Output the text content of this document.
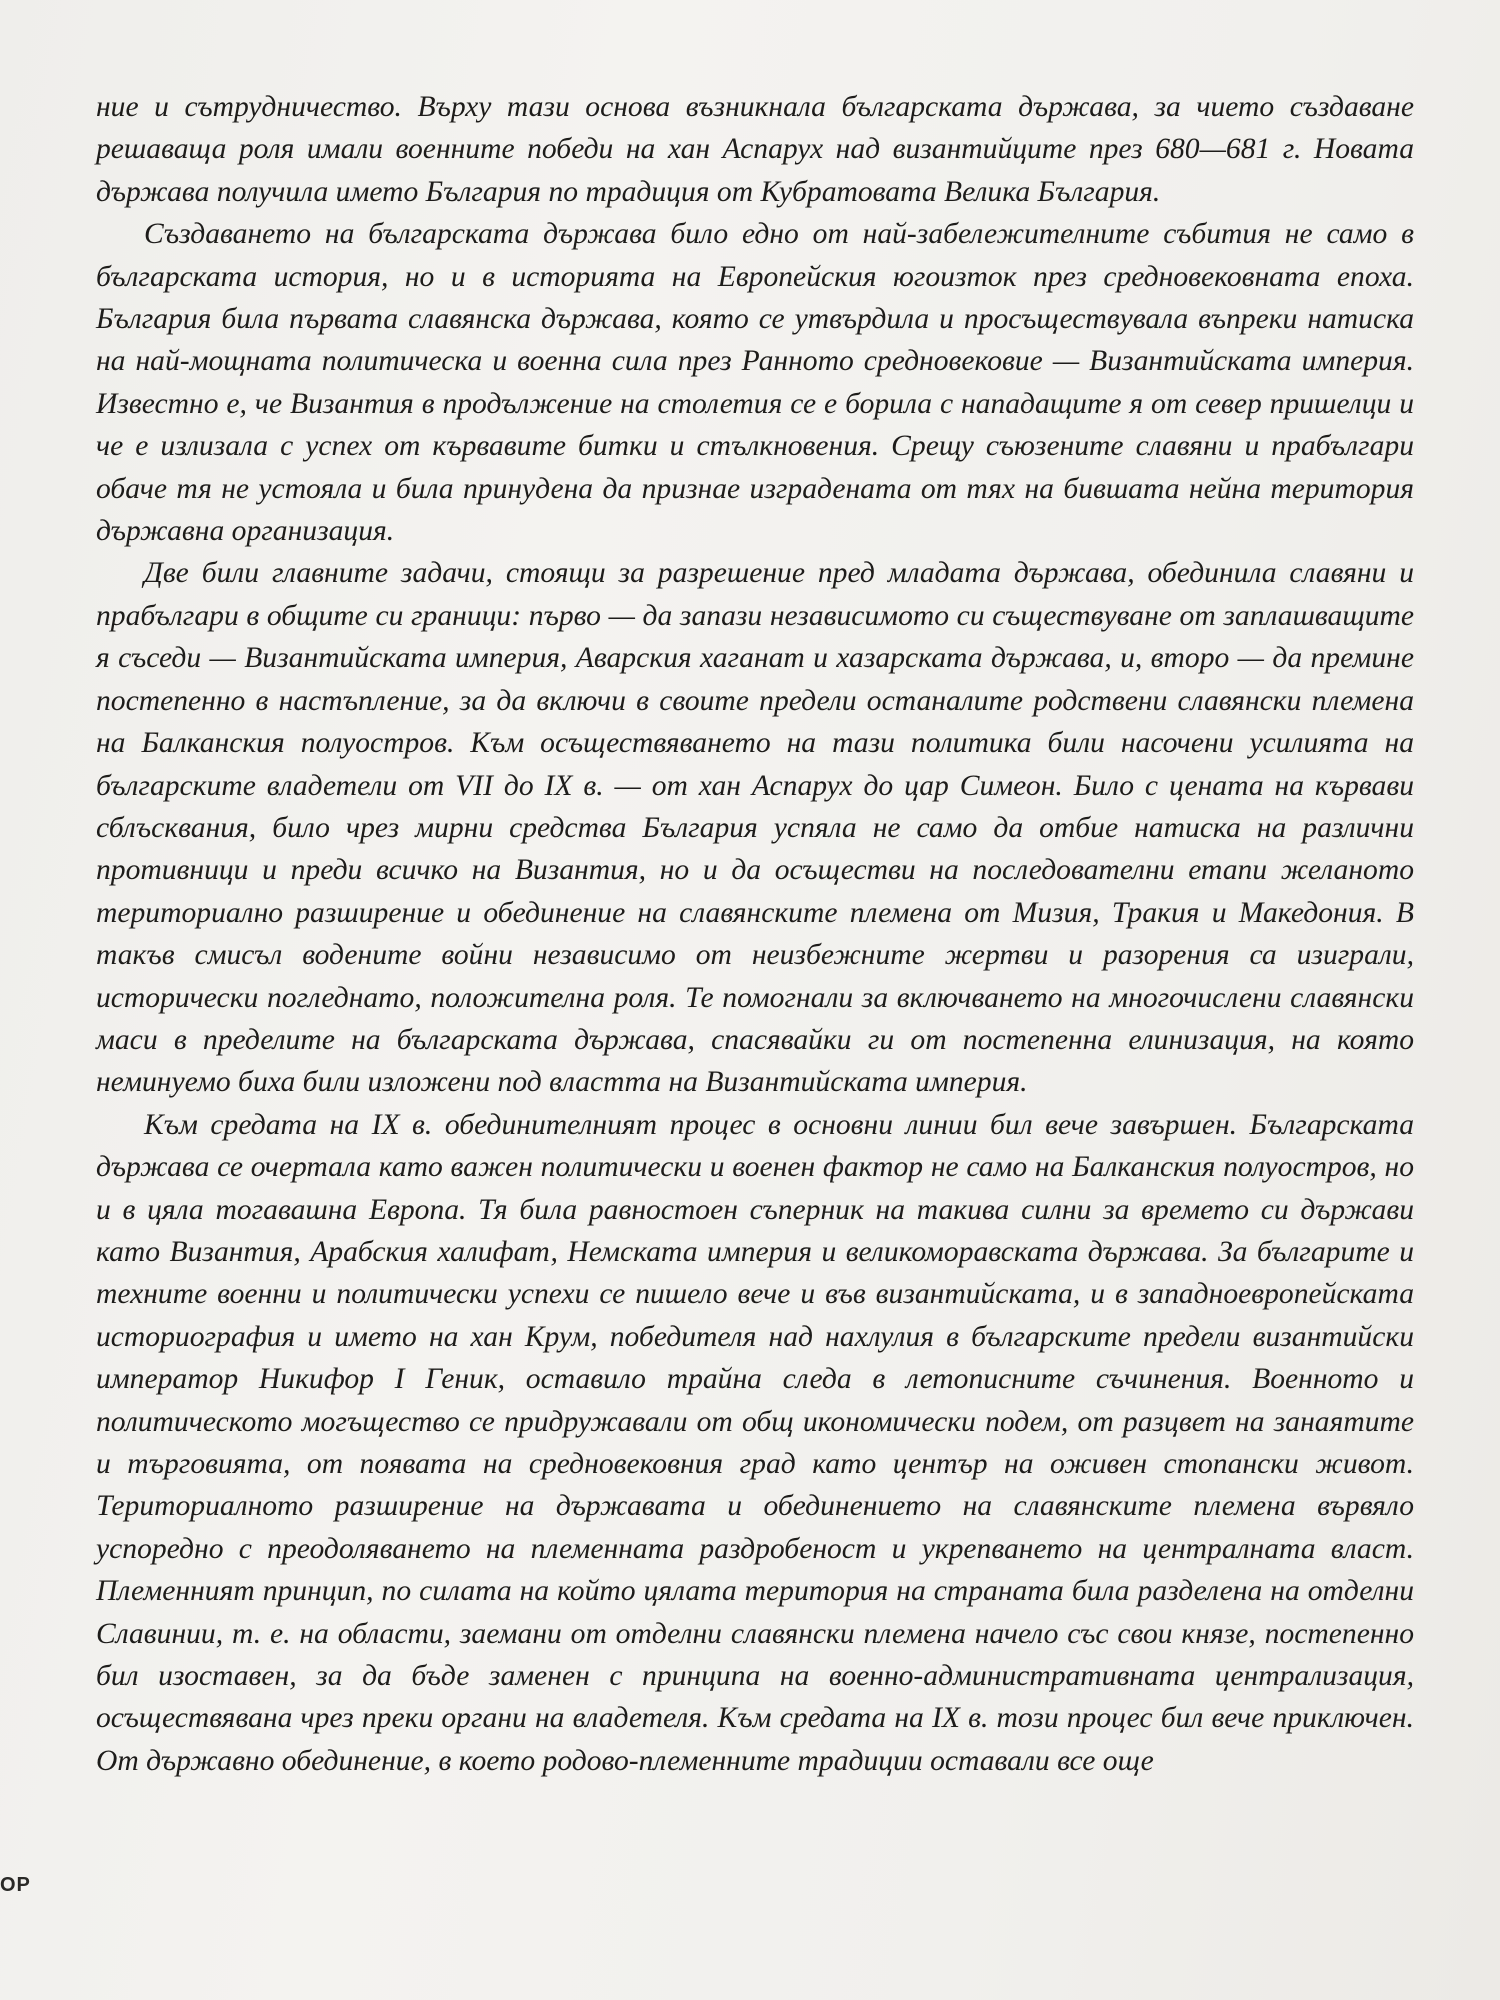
ние и сътрудничество. Върху тази основа възникнала българската държава, за чието създаване решаваща роля имали военните победи на хан Аспарух над византийците през 680—681 г. Новата държава получила името България по традиция от Кубратовата Велика България.

Създаването на българската държава било едно от най-забележителните събития не само в българската история, но и в историята на Европейския югоизток през средновековната епоха. България била първата славянска държава, която се утвърдила и просъществувала въпреки натиска на най-мощната политическа и военна сила през Ранното средновековие — Византийската империя. Известно е, че Византия в продължение на столетия се е борила с нападащите я от север пришелци и че е излизала с успех от кървавите битки и стълкновения. Срещу съюзените славяни и прабългари обаче тя не устояла и била принудена да признае изградената от тях на бившата нейна територия държавна организация.

Две били главните задачи, стоящи за разрешение пред младата държава, обединила славяни и прабългари в общите си граници: първо — да запази независимото си съществуване от заплашващите я съседи — Византийската империя, Аварския хаганат и хазарската държава, и, второ — да премине постепенно в настъпление, за да включи в своите предели останалите родствени славянски племена на Балканския полуостров. Към осъществяването на тази политика били насочени усилията на българските владетели от VII до IX в. — от хан Аспарух до цар Симеон. Било с цената на кървави сблъсквания, било чрез мирни средства България успяла не само да отбие натиска на различни противници и преди всичко на Византия, но и да осъществи на последователни етапи желаното териториално разширение и обединение на славянските племена от Мизия, Тракия и Македония. В такъв смисъл водените войни независимо от неизбежните жертви и разорения са изиграли, исторически погледнато, положителна роля. Те помогнали за включването на многочислени славянски маси в пределите на българската държава, спасявайки ги от постепенна елинизация, на която неминуемо биха били изложени под властта на Византийската империя.

Към средата на IX в. обединителният процес в основни линии бил вече завършен. Българската държава се очертала като важен политически и военен фактор не само на Балканския полуостров, но и в цяла тогавашна Европа. Тя била равностоен съперник на такива силни за времето си държави като Византия, Арабския халифат, Немската империя и великоморавската държава. За българите и техните военни и политически успехи се пишело вече и във византийската, и в западноевропейската историография и името на хан Крум, победителя над нахлулия в българските предели византийски император Никифор I Геник, оставило трайна следа в летописните съчинения. Военното и политическото могъщество се придружавали от общ икономически подем, от разцвет на занаятите и търговията, от появата на средновековния град като център на оживен стопански живот. Териториалното разширение на държавата и обединението на славянските племена вървяло успоредно с преодоляването на племенната раздробеност и укрепването на централната власт. Племенният принцип, по силата на който цялата територия на страната била разделена на отделни Славинии, т. е. на области, заемани от отделни славянски племена начело със свои князе, постепенно бил изоставен, за да бъде заменен с принципа на военно-административната централизация, осъществявана чрез преки органи на владетеля. Към средата на IX в. този процес бил вече приключен. От държавно обединение, в което родово-племенните традиции оставали все още

ОР
